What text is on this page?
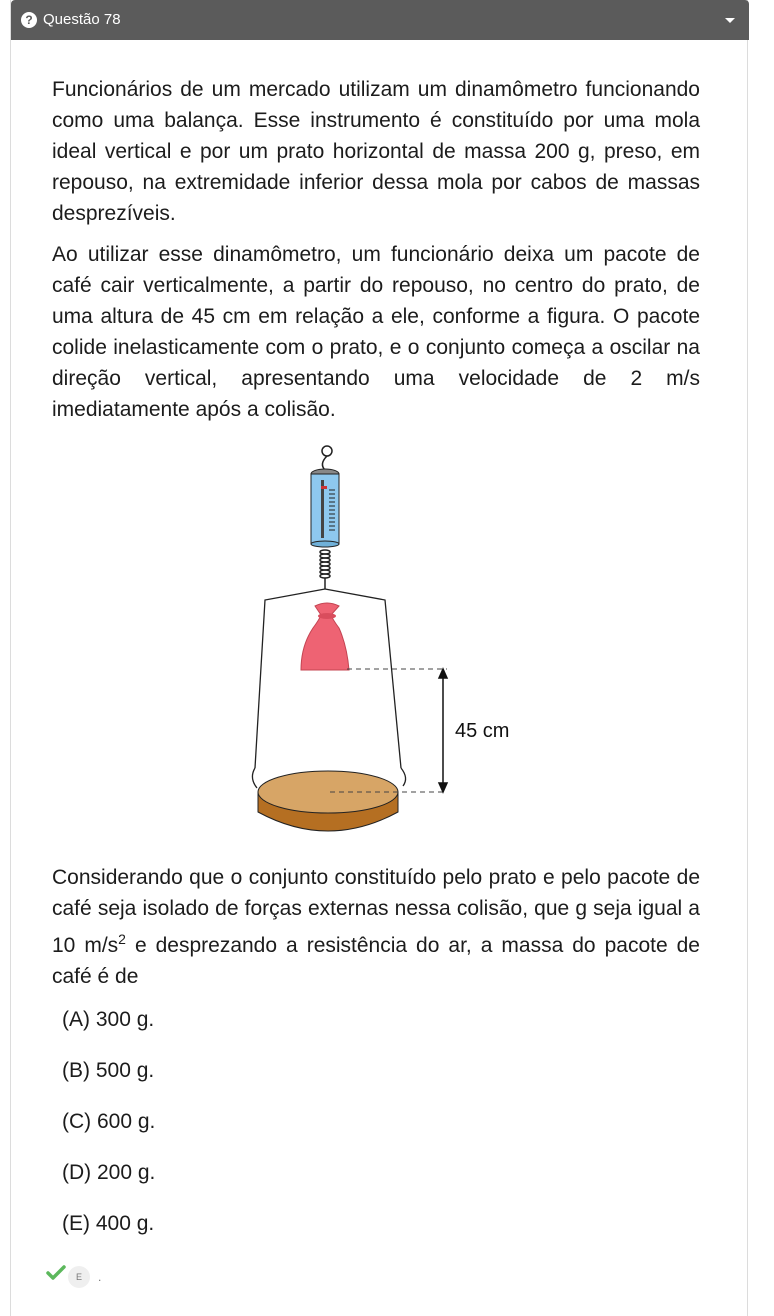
? Questão 78

Funcionários de um mercado utilizam um dinamômetro funcionando como uma balança. Esse instrumento é constituído por uma mola ideal vertical e por um prato horizontal de massa 200 g, preso, em repouso, na extremidade inferior dessa mola por cabos de massas desprezíveis.

Ao utilizar esse dinamômetro, um funcionário deixa um pacote de café cair verticalmente, a partir do repouso, no centro do prato, de uma altura de 45 cm em relação a ele, conforme a figura. O pacote colide inelasticamente com o prato, e o conjunto começa a oscilar na direção vertical, apresentando uma velocidade de 2 m/s imediatamente após a colisão.

45 cm

Considerando que o conjunto constituído pelo prato e pelo pacote de café seja isolado de forças externas nessa colisão, que g seja igual a 10 $m/s^2$ e desprezando a resistência do ar, a massa do pacote de café é de

(A) 300 g.
(B) 500 g.
(C) 600 g.
(D) 200 g.
(E) 400 g.
E	.
